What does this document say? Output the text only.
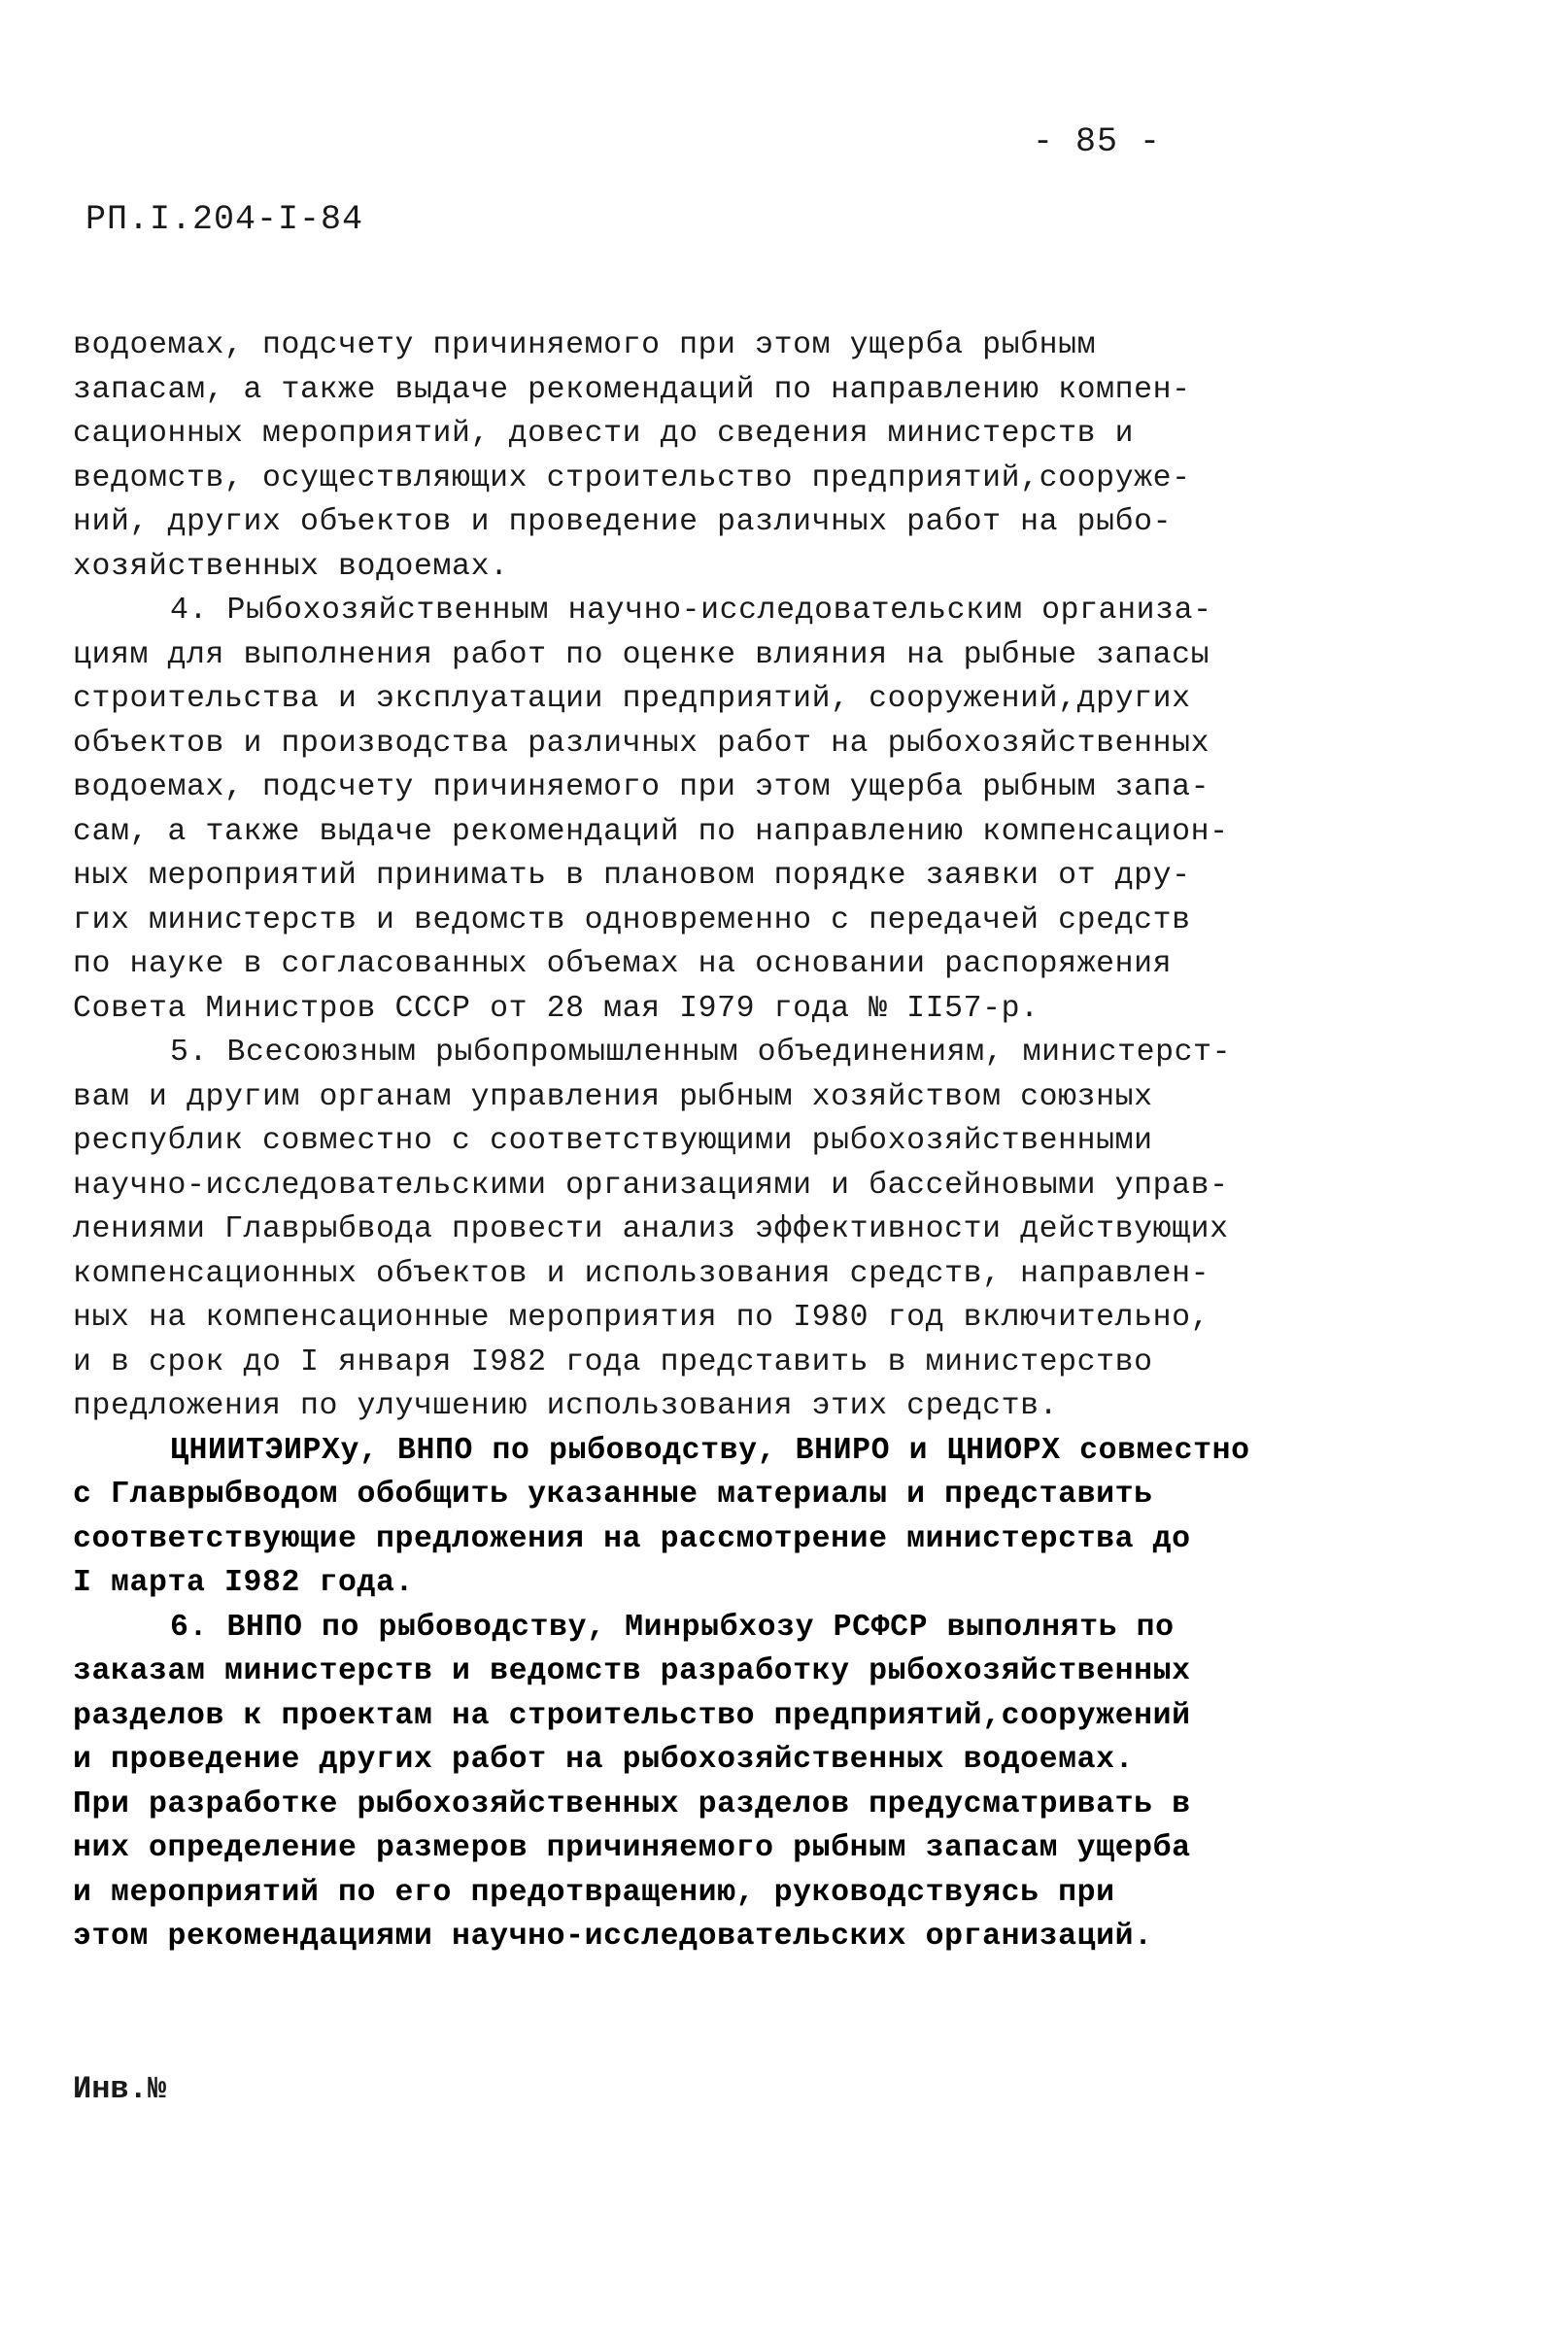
- 85 -
РП.I.204-I-84
водоемах, подсчету причиняемого при этом ущерба рыбным
запасам, а также выдаче рекомендаций по направлению компен-
сационных мероприятий, довести до сведения министерств и
ведомств, осуществляющих строительство предприятий,сооруже-
ний, других объектов и проведение различных работ на рыбо-
хозяйственных водоемах.
4. Рыбохозяйственным научно-исследовательским организа-
циям для выполнения работ по оценке влияния на рыбные запасы
строительства и эксплуатации предприятий, сооружений,других
объектов и производства различных работ на рыбохозяйственных
водоемах, подсчету причиняемого при этом ущерба рыбным запа-
сам, а также выдаче рекомендаций по направлению компенсацион-
ных мероприятий принимать в плановом порядке заявки от дру-
гих министерств и ведомств одновременно с передачей средств
по науке в согласованных объемах на основании распоряжения
Совета Министров СССР от 28 мая I979 года № II57-р.
5. Всесоюзным рыбопромышленным объединениям, министерст-
вам и другим органам управления рыбным хозяйством союзных
республик совместно с соответствующими рыбохозяйственными
научно-исследовательскими организациями и бассейновыми управ-
лениями Главрыбвода провести анализ эффективности действующих
компенсационных объектов и использования средств, направлен-
ных на компенсационные мероприятия по I980 год включительно,
и в срок до I января I982 года представить в министерство
предложения по улучшению использования этих средств.
ЦНИИТЭИРХу, ВНПО по рыбоводству, ВНИРО и ЦНИОРХ совместно
с Главрыбводом обобщить указанные материалы и представить
соответствующие предложения на рассмотрение министерства до
I марта I982 года.
6. ВНПО по рыбоводству, Минрыбхозу РСФСР выполнять по
заказам министерств и ведомств разработку рыбохозяйственных
разделов к проектам на строительство предприятий,сооружений
и проведение других работ на рыбохозяйственных водоемах.
При разработке рыбохозяйственных разделов предусматривать в
них определение размеров причиняемого рыбным запасам ущерба
и мероприятий по его предотвращению, руководствуясь при
этом рекомендациями научно-исследовательских организаций.
Инв.№
